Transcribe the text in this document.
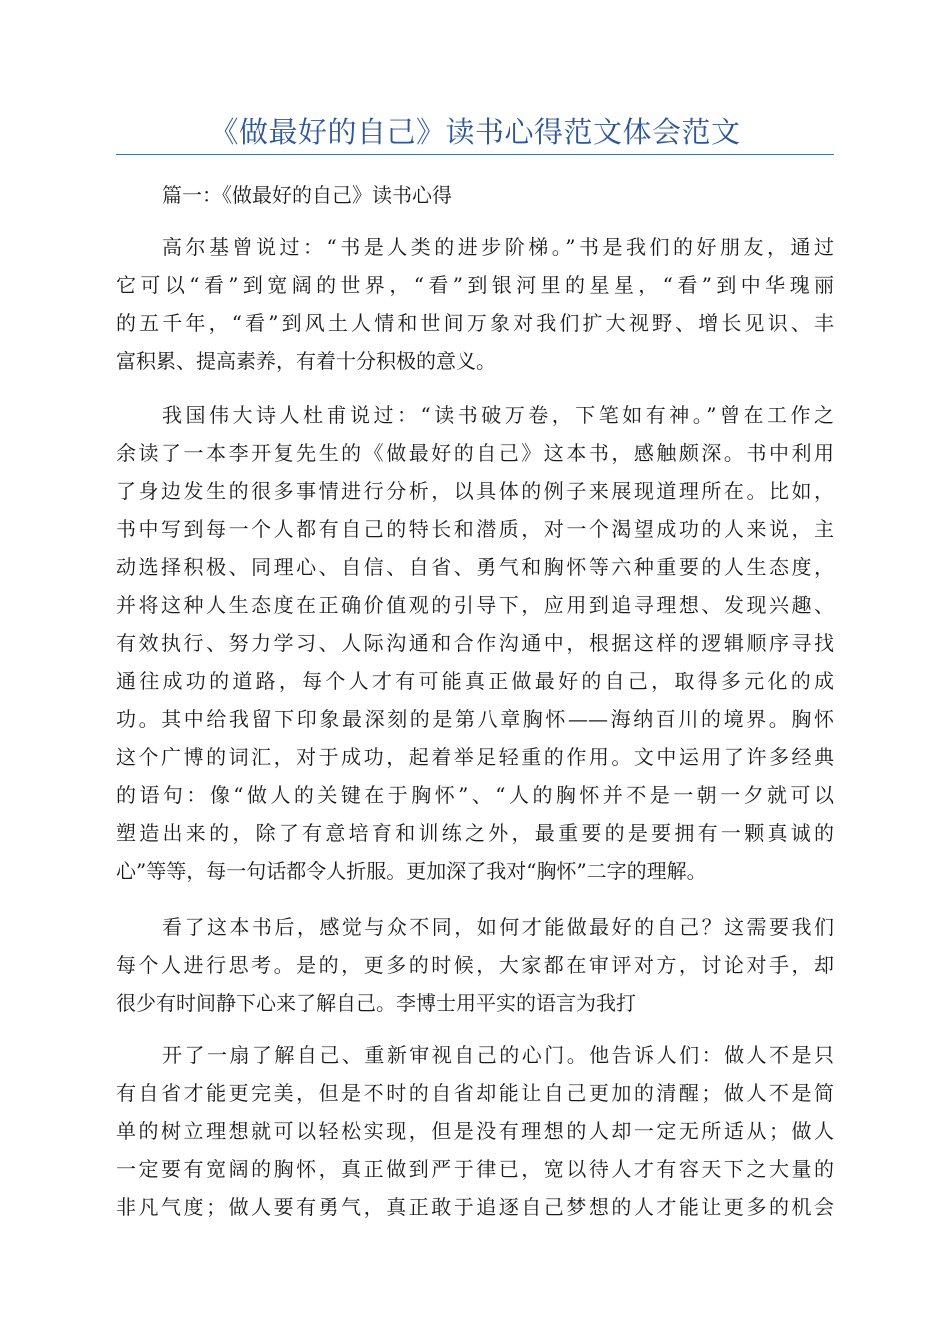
《做最好的自己》读书心得范文体会范文
篇一：《做最好的自己》读书心得
高尔基曾说过：“书是人类的进步阶梯。”书是我们的好朋友，通过
它可以“看”到宽阔的世界，“看”到银河里的星星，“看”到中华瑰丽
的五千年，“看”到风土人情和世间万象对我们扩大视野、增长见识、丰
富积累、提高素养，有着十分积极的意义。
我国伟大诗人杜甫说过：“读书破万卷，下笔如有神。”曾在工作之
余读了一本李开复先生的《做最好的自己》这本书，感触颇深。书中利用
了身边发生的很多事情进行分析，以具体的例子来展现道理所在。比如，
书中写到每一个人都有自己的特长和潜质，对一个渴望成功的人来说，主
动选择积极、同理心、自信、自省、勇气和胸怀等六种重要的人生态度，
并将这种人生态度在正确价值观的引导下，应用到追寻理想、发现兴趣、
有效执行、努力学习、人际沟通和合作沟通中，根据这样的逻辑顺序寻找
通往成功的道路，每个人才有可能真正做最好的自己，取得多元化的成
功。其中给我留下印象最深刻的是第八章胸怀——海纳百川的境界。胸怀
这个广博的词汇，对于成功，起着举足轻重的作用。文中运用了许多经典
的语句：像“做人的关键在于胸怀”、“人的胸怀并不是一朝一夕就可以
塑造出来的，除了有意培育和训练之外，最重要的是要拥有一颗真诚的
心”等等，每一句话都令人折服。更加深了我对“胸怀”二字的理解。
看了这本书后，感觉与众不同，如何才能做最好的自己？这需要我们
每个人进行思考。是的，更多的时候，大家都在审评对方，讨论对手，却
很少有时间静下心来了解自己。李博士用平实的语言为我打
开了一扇了解自己、重新审视自己的心门。他告诉人们：做人不是只
有自省才能更完美，但是不时的自省却能让自己更加的清醒；做人不是简
单的树立理想就可以轻松实现，但是没有理想的人却一定无所适从；做人
一定要有宽阔的胸怀，真正做到严于律已，宽以待人才有容天下之大量的
非凡气度；做人要有勇气，真正敢于追逐自己梦想的人才能让更多的机会
